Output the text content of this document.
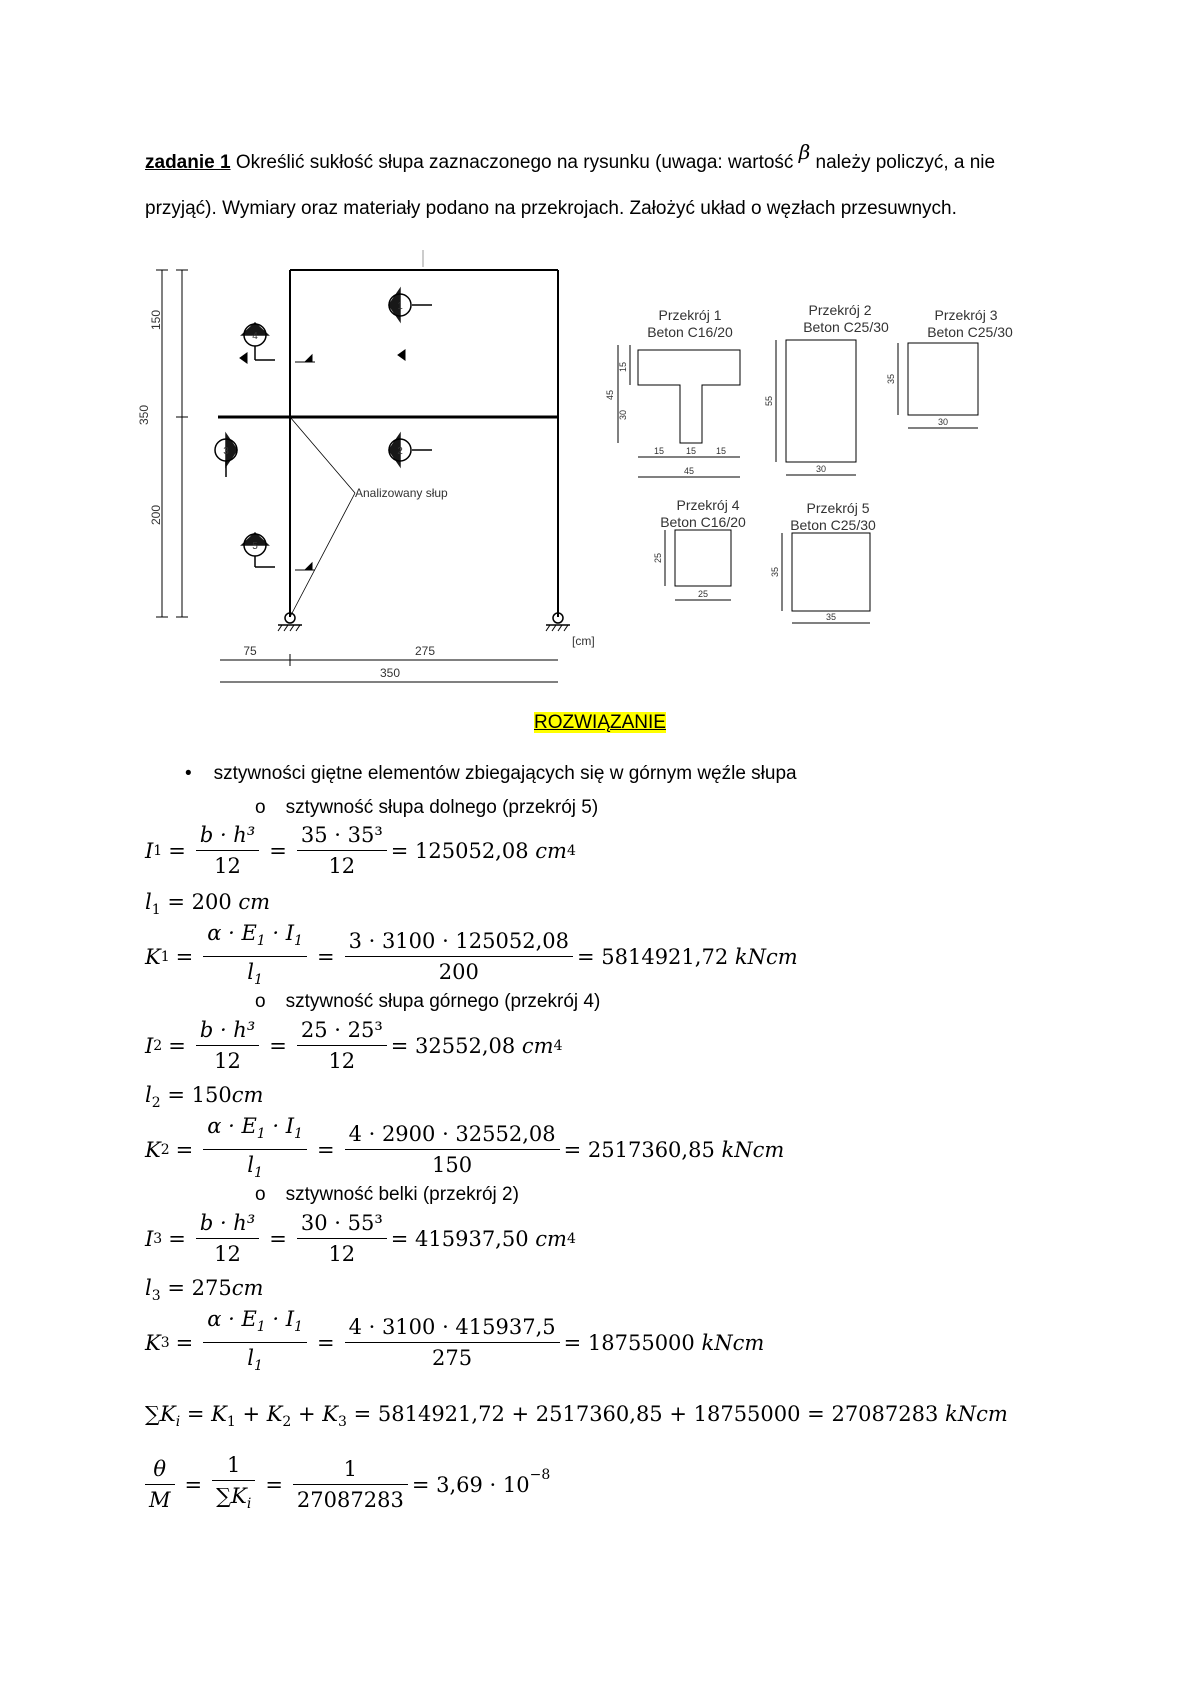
zadanie 1 Określić sukłość słupa zaznaczonego na rysunku (uwaga: wartość β należy policzyć, a nie
przyjąć). Wymiary oraz materiały podano na przekrojach. Założyć układ o węzłach przesuwnych.
150
350
200
75	275
350
[cm]
1
2
3
4
5
Analizowany słup
Przekrój 1
Beton C16/20
Przekrój 2
Beton C25/30
Przekrój 3
Beton C25/30
Przekrój 4
Beton C16/20
Przekrój 5
Beton C25/30
15
30
45
15 15 15
45
55
30
35
30
25
25
35
35
ROZWIĄZANIE
• sztywności giętne elementów zbiegających się w górnym węźle słupa
o sztywność słupa dolnego (przekrój 5)
I $1 = \frac{\text{b · h³}}{12} = \frac{\text{35 · 35³}}{12} = 125052,08$ cm 4
$l_1 = 200$ cm
K $1 = \frac{\alpha \cdot E_1 \cdot I_1}{l_1} = \frac{3 \cdot 3100 \cdot 125052,08}{200} = 5814921,72$ kNcm
o sztywność słupa górnego (przekrój 4)
I $2 = \frac{\text{b · h³}}{12} = \frac{\text{25 · 25³}}{12} = 32552,08$ cm 4
$l_2 = 150cm$
K $2 = \frac{\alpha \cdot E_1 \cdot I_1}{l_1} = \frac{4 \cdot 2900 \cdot 32552,08}{150} = 2517360,85$ kNcm
o sztywność belki (przekrój 2)
I $3 = \frac{\text{b · h³}}{12} = \frac{\text{30 · 55³}}{12} = 415937,50$ cm 4
$l_3 = 275cm$
K $3 = \frac{\alpha \cdot E_1 \cdot I_1}{l_1} = \frac{4 \cdot 3100 \cdot 415937,5}{275} = 18755000$ kNcm
$\sum K_i = K_1 + K_2 + K_3 = 5814921,72 + 2517360,85 + 18755000 = 27087283$ kNcm
$\frac{\theta}{M} = \frac{1}{\sum K_i} = \frac{1}{27087283} = 3,69 \cdot 10^{-8}$
